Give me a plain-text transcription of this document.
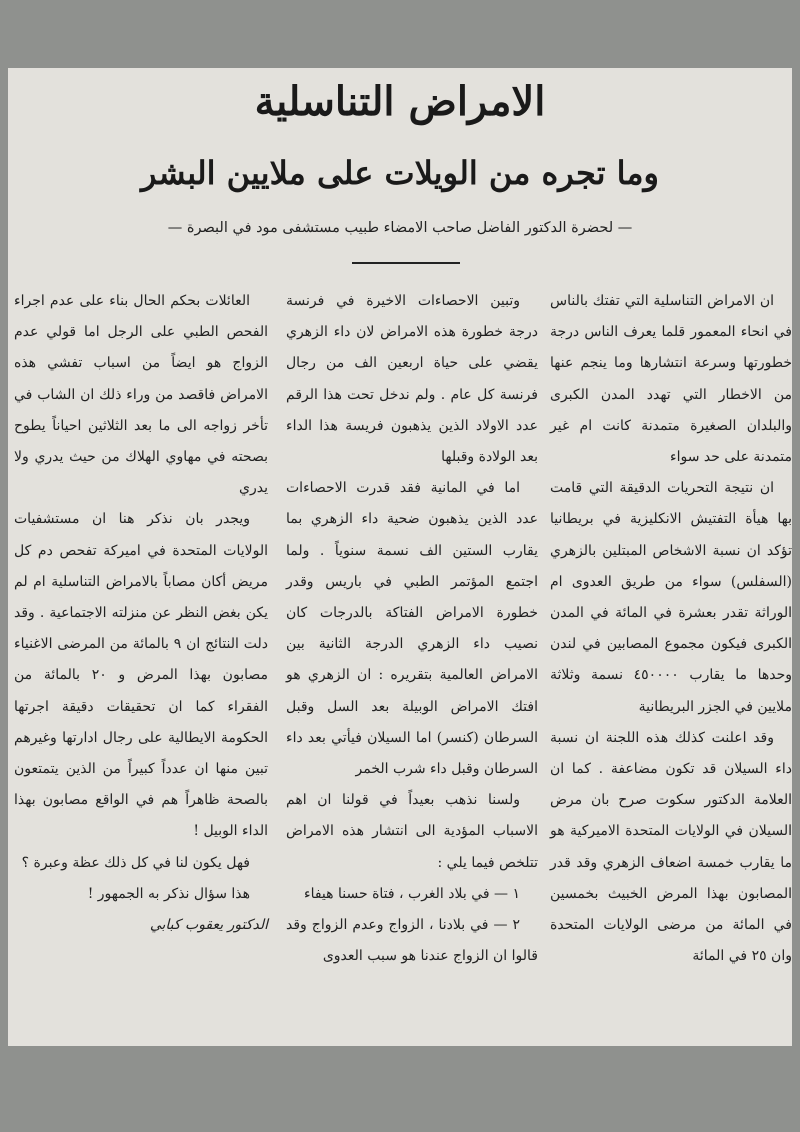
الامراض التناسلية
وما تجره من الويلات على ملايين البشر

— لحضرة الدكتور الفاضل صاحب الامضاء طبيب مستشفى مود في البصرة —

ان الامراض التناسلية التي تفتك بالناس في انحاء المعمور قلما يعرف الناس درجة خطورتها وسرعة انتشارها وما ينجم عنها من الاخطار التي تهدد المدن الكبرى والبلدان الصغيرة متمدنة كانت ام غير متمدنة على حد سواء

ان نتيجة التحريات الدقيقة التي قامت بها هيأة التفتيش الانكليزية في بريطانيا تؤكد ان نسبة الاشخاص المبتلين بالزهري (السفلس) سواء من طريق العدوى ام الوراثة تقدر بعشرة في المائة في المدن الكبرى فيكون مجموع المصابين في لندن وحدها ما يقارب ٤٥٠٠٠٠ نسمة وثلاثة ملايين في الجزر البريطانية

وقد اعلنت كذلك هذه اللجنة ان نسبة داء السيلان قد تكون مضاعفة . كما ان العلامة الدكتور سكوت صرح بان مرض السيلان في الولايات المتحدة الاميركية هو ما يقارب خمسة اضعاف الزهري وقد قدر المصابون بهذا المرض الخبيث بخمسين في المائة من مرضى الولايات المتحدة وان ٢٥ في المائة

وتبين الاحصاءات الاخيرة في فرنسة درجة خطورة هذه الامراض لان داء الزهري يقضي على حياة اربعين الف من رجال فرنسة كل عام . ولم ندخل تحت هذا الرقم عدد الاولاد الذين يذهبون فريسة هذا الداء بعد الولادة وقبلها

اما في المانية فقد قدرت الاحصاءات عدد الذين يذهبون ضحية داء الزهري بما يقارب الستين الف نسمة سنوياً . ولما اجتمع المؤتمر الطبي في باريس وقدر خطورة الامراض الفتاكة بالدرجات كان نصيب داء الزهري الدرجة الثانية بين الامراض العالمية بتقريره : ان الزهري هو افتك الامراض الوبيلة بعد السل وقبل السرطان (كنسر) اما السيلان فيأتي بعد داء السرطان وقبل داء شرب الخمر

ولسنا نذهب بعيداً في قولنا ان اهم الاسباب المؤدية الى انتشار هذه الامراض تتلخص فيما يلي :

١ — في بلاد الغرب ، فتاة حسنا هيفاء

٢ — في بلادنا ، الزواج وعدم الزواج وقد قالوا ان الزواج عندنا هو سبب العدوى

العائلات بحكم الحال بناء على عدم اجراء الفحص الطبي على الرجل اما قولي عدم الزواج هو ايضاً من اسباب تفشي هذه الامراض فاقصد من وراء ذلك ان الشاب في تأخر زواجه الى ما بعد الثلاثين احياناً يطوح بصحته في مهاوي الهلاك من حيث يدري ولا يدري

ويجدر بان نذكر هنا ان مستشفيات الولايات المتحدة في اميركة تفحص دم كل مريض أكان مصاباً بالامراض التناسلية ام لم يكن بغض النظر عن منزلته الاجتماعية . وقد دلت النتائج ان ٩ بالمائة من المرضى الاغنياء مصابون بهذا المرض و ٢٠ بالمائة من الفقراء كما ان تحقيقات دقيقة اجرتها الحكومة الايطالية على رجال ادارتها وغيرهم تبين منها ان عدداً كبيراً من الذين يتمتعون بالصحة ظاهراً هم في الواقع مصابون بهذا الداء الوبيل !

فهل يكون لنا في كل ذلك عظة وعبرة ؟

هذا سؤال نذكر به الجمهور !

الدكتور يعقوب كبابي
